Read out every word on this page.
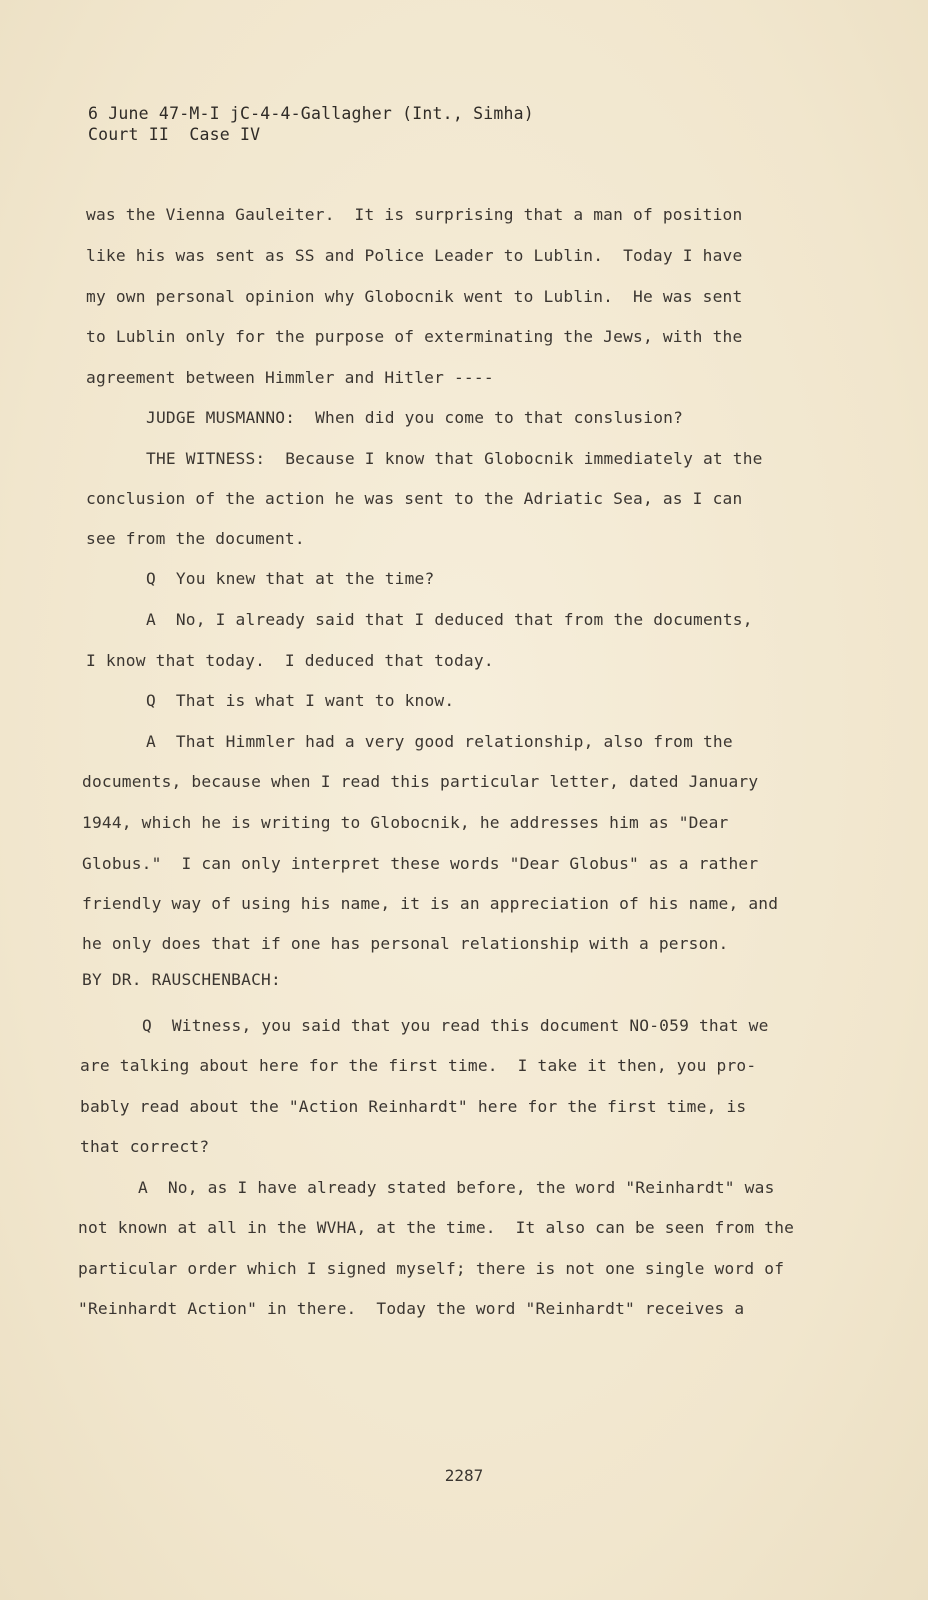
6 June 47-M-I jC-4-4-Gallagher (Int., Simha)
Court II  Case IV
was the Vienna Gauleiter.  It is surprising that a man of position
like his was sent as SS and Police Leader to Lublin.  Today I have
my own personal opinion why Globocnik went to Lublin.  He was sent
to Lublin only for the purpose of exterminating the Jews, with the
agreement between Himmler and Hitler ----
JUDGE MUSMANNO:  When did you come to that conslusion?
THE WITNESS:  Because I know that Globocnik immediately at the
conclusion of the action he was sent to the Adriatic Sea, as I can
see from the document.
Q  You knew that at the time?
A  No, I already said that I deduced that from the documents,
I know that today.  I deduced that today.
Q  That is what I want to know.
A  That Himmler had a very good relationship, also from the
documents, because when I read this particular letter, dated January
1944, which he is writing to Globocnik, he addresses him as "Dear
Globus."  I can only interpret these words "Dear Globus" as a rather
friendly way of using his name, it is an appreciation of his name, and
he only does that if one has personal relationship with a person.
BY DR. RAUSCHENBACH:
Q  Witness, you said that you read this document NO-059 that we
are talking about here for the first time.  I take it then, you pro-
bably read about the "Action Reinhardt" here for the first time, is
that correct?
A  No, as I have already stated before, the word "Reinhardt" was
not known at all in the WVHA, at the time.  It also can be seen from the
particular order which I signed myself; there is not one single word of
"Reinhardt Action" in there.  Today the word "Reinhardt" receives a
2287
